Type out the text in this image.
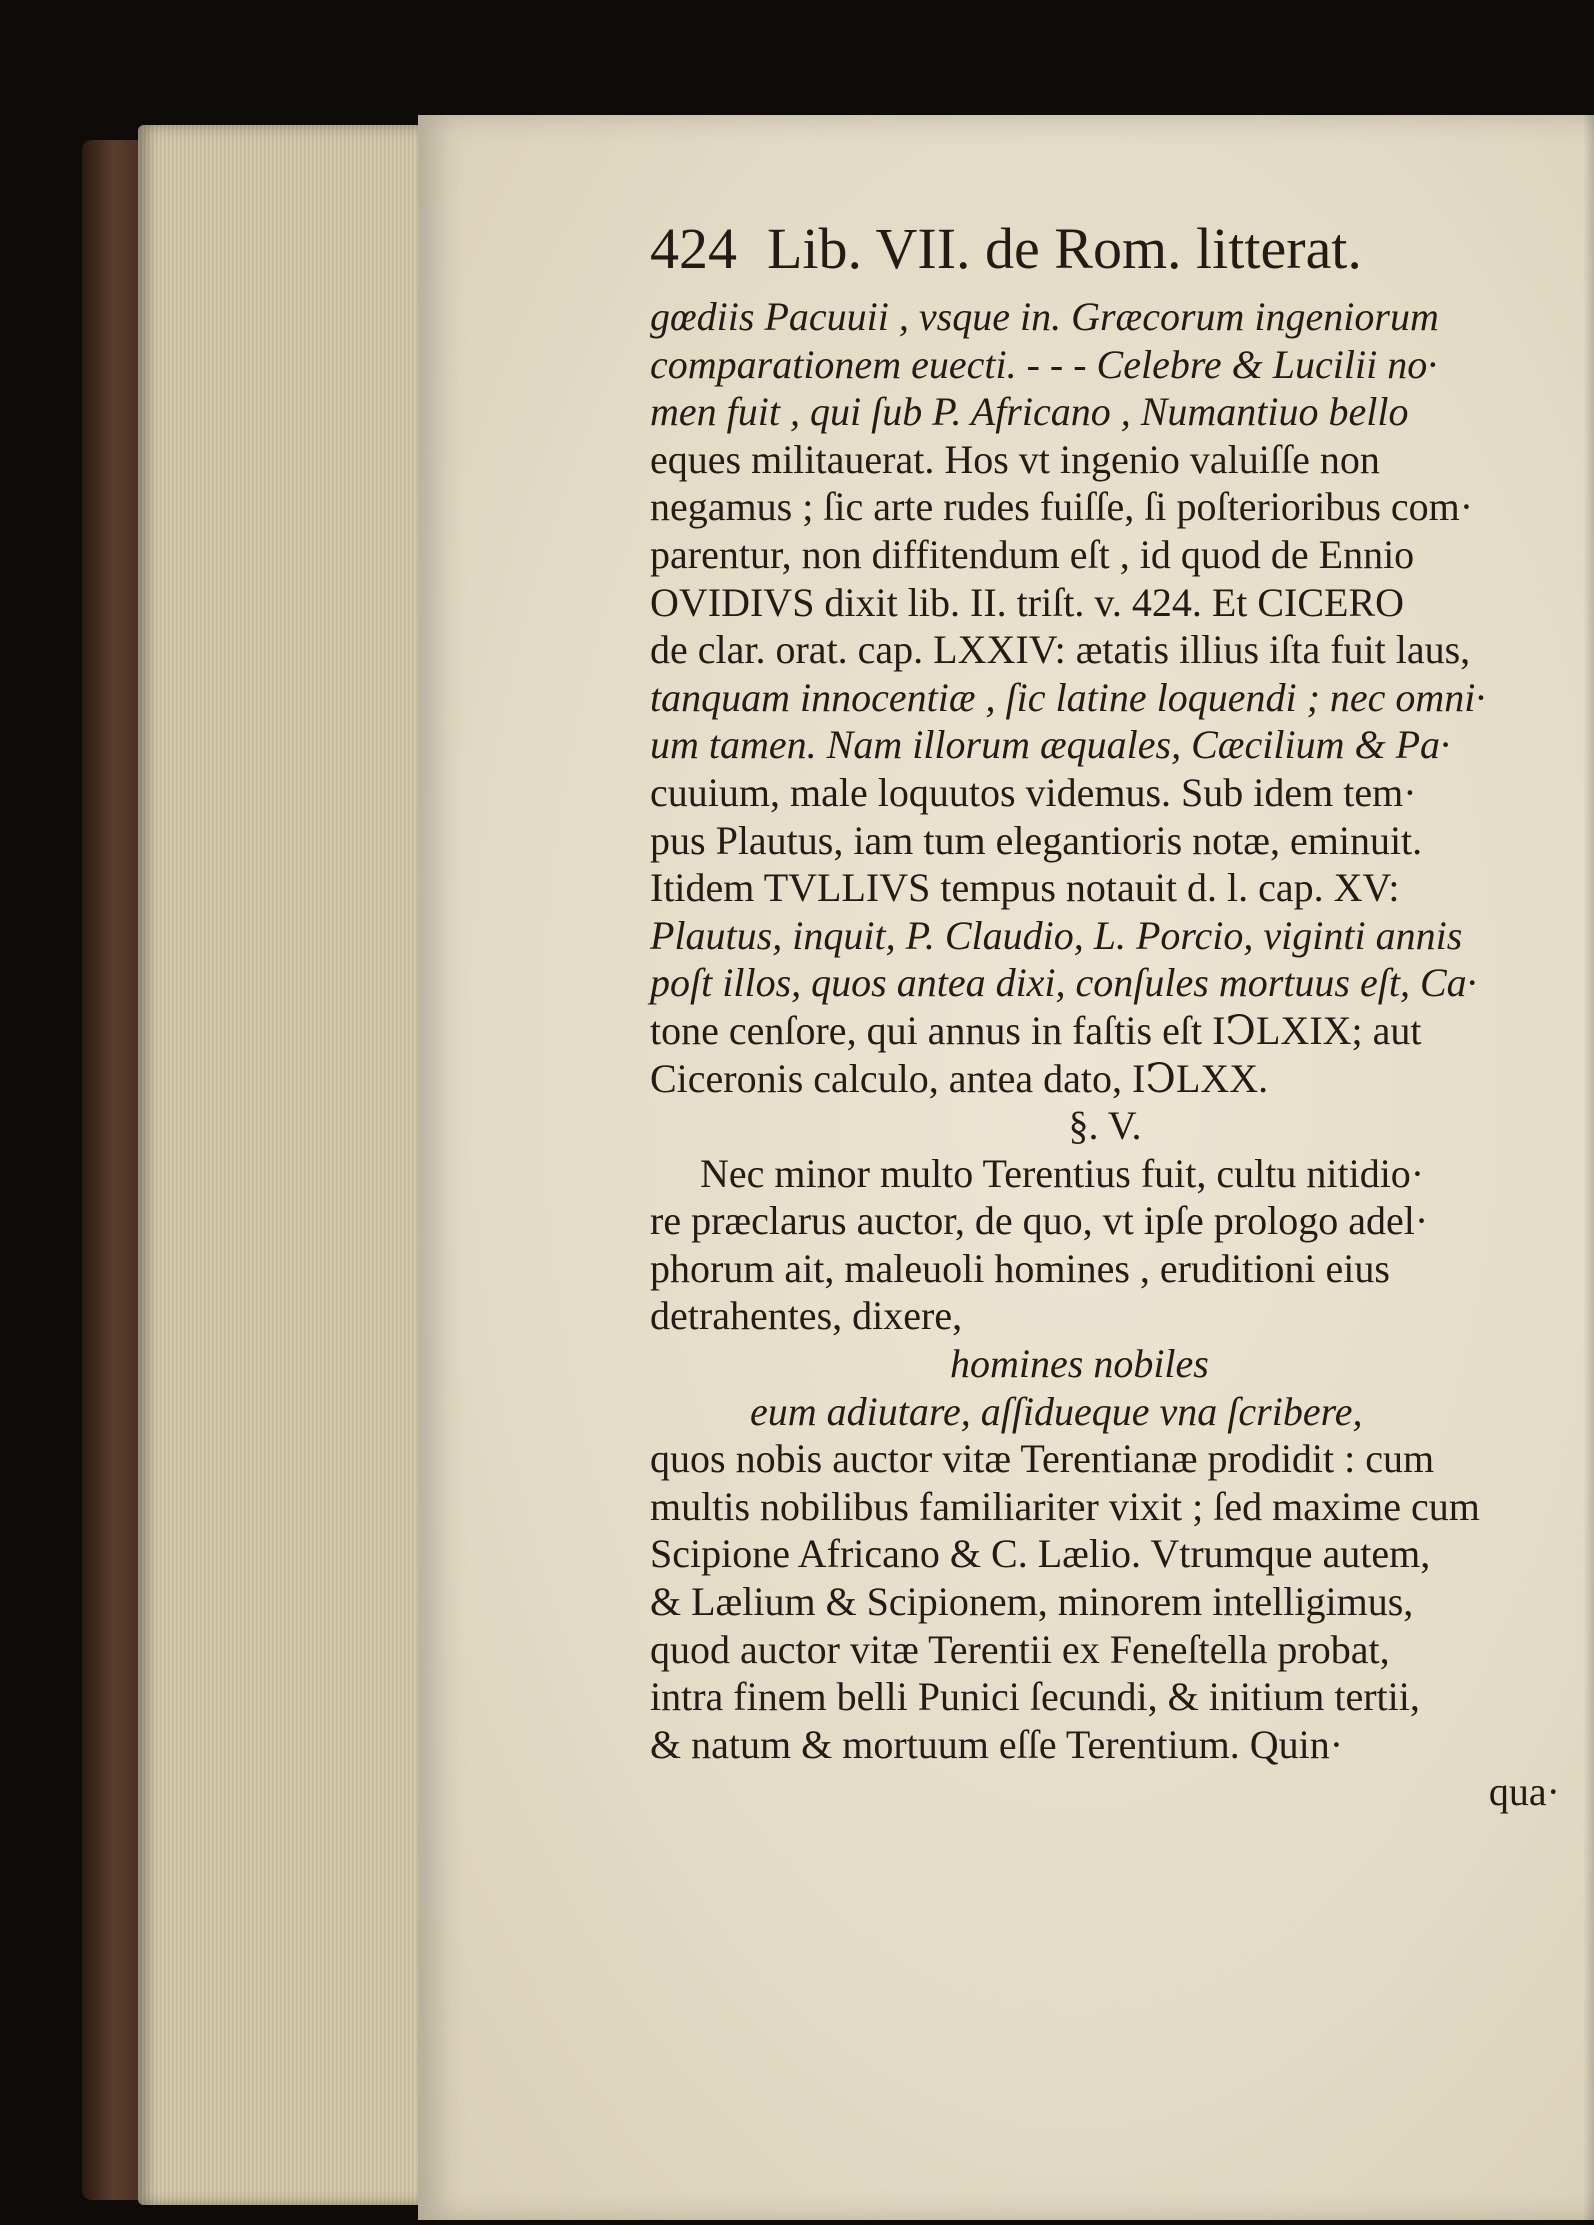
424 Lib. VII. de Rom. litterat.
gœdiis Pacuuii , vsque in. Græcorum ingeniorum
comparationem euecti. - - - Celebre & Lucilii no·
men fuit , qui ſub P. Africano , Numantiuo bello
eques militauerat. Hos vt ingenio valuiſſe non
negamus ; ſic arte rudes fuiſſe, ſi poſterioribus com·
parentur, non diffitendum eſt , id quod de Ennio
OVIDIVS dixit lib. II. triſt. v. 424. Et CICERO
de clar. orat. cap. LXXIV: ætatis illius iſta fuit laus,
tanquam innocentiæ , ſic latine loquendi ; nec omni·
um tamen. Nam illorum æquales, Cæcilium & Pa·
cuuium, male loquutos videmus. Sub idem tem·
pus Plautus, iam tum elegantioris notæ, eminuit.
Itidem TVLLIVS tempus notauit d. l. cap. XV:
Plautus, inquit, P. Claudio, L. Porcio, viginti annis
poſt illos, quos antea dixi, conſules mortuus eſt, Ca·
tone cenſore, qui annus in faſtis eſt IↃLXIX; aut
Ciceronis calculo, antea dato, IↃLXX.
§. V.
Nec minor multo Terentius fuit, cultu nitidio·
re præclarus auctor, de quo, vt ipſe prologo adel·
phorum ait, maleuoli homines , eruditioni eius
detrahentes, dixere,
homines nobiles
eum adiutare, aſſidueque vna ſcribere,
quos nobis auctor vitæ Terentianæ prodidit : cum
multis nobilibus familiariter vixit ; ſed maxime cum
Scipione Africano & C. Lælio. Vtrumque autem,
& Lælium & Scipionem, minorem intelligimus,
quod auctor vitæ Terentii ex Feneſtella probat,
intra finem belli Punici ſecundi, & initium tertii,
& natum & mortuum eſſe Terentium. Quin·
qua·
